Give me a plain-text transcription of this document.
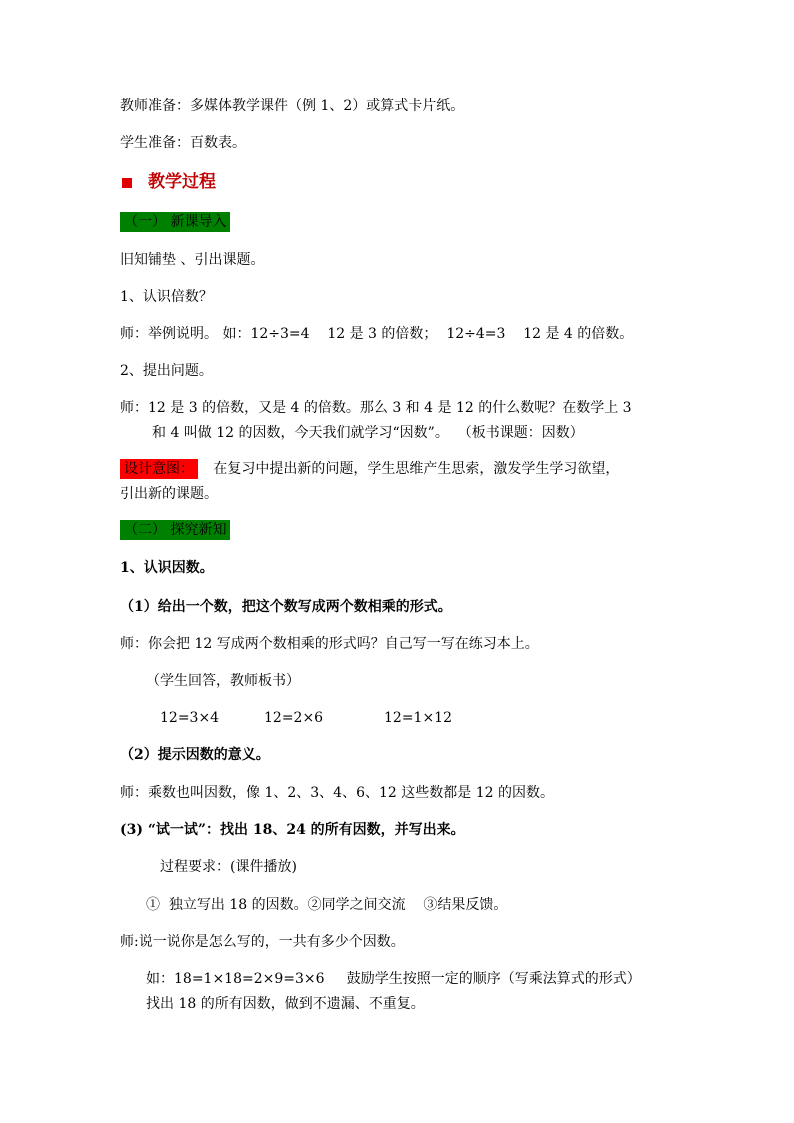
教师准备：多媒体教学课件（例 1、2）或算式卡片纸。
学生准备：百数表。
教学过程
（一） 新课导入
旧知铺垫 、引出课题。
1、认识倍数？
师：举例说明。 如：12÷3=4    12 是 3 的倍数；  12÷4=3    12 是 4 的倍数。
2、提出问题。
师：12 是 3 的倍数，又是 4 的倍数。那么 3 和 4 是 12 的什么数呢？在数学上 3
和 4 叫做 12 的因数，今天我们就学习“因数”。  （板书课题：因数）
设计意图： 在复习中提出新的问题，学生思维产生思索，激发学生学习欲望，
引出新的课题。
（二） 探究新知
1、认识因数。
（1）给出一个数，把这个数写成两个数相乘的形式。
师：你会把 12 写成两个数相乘的形式吗？自己写一写在练习本上。
（学生回答，教师板书）
12=3×4	12=2×6	12=1×12
（2）提示因数的意义。
师：乘数也叫因数，像 1、2、3、4、6、12 这些数都是 12 的因数。
(3) “试一试”：找出 18、24 的所有因数，并写出来。
过程要求：(课件播放)
①  独立写出 18 的因数。②同学之间交流    ③结果反馈。
师:说一说你是怎么写的，一共有多少个因数。
如：18=1×18=2×9=3×6     鼓励学生按照一定的顺序（写乘法算式的形式）
找出 18 的所有因数，做到不遗漏、不重复。
